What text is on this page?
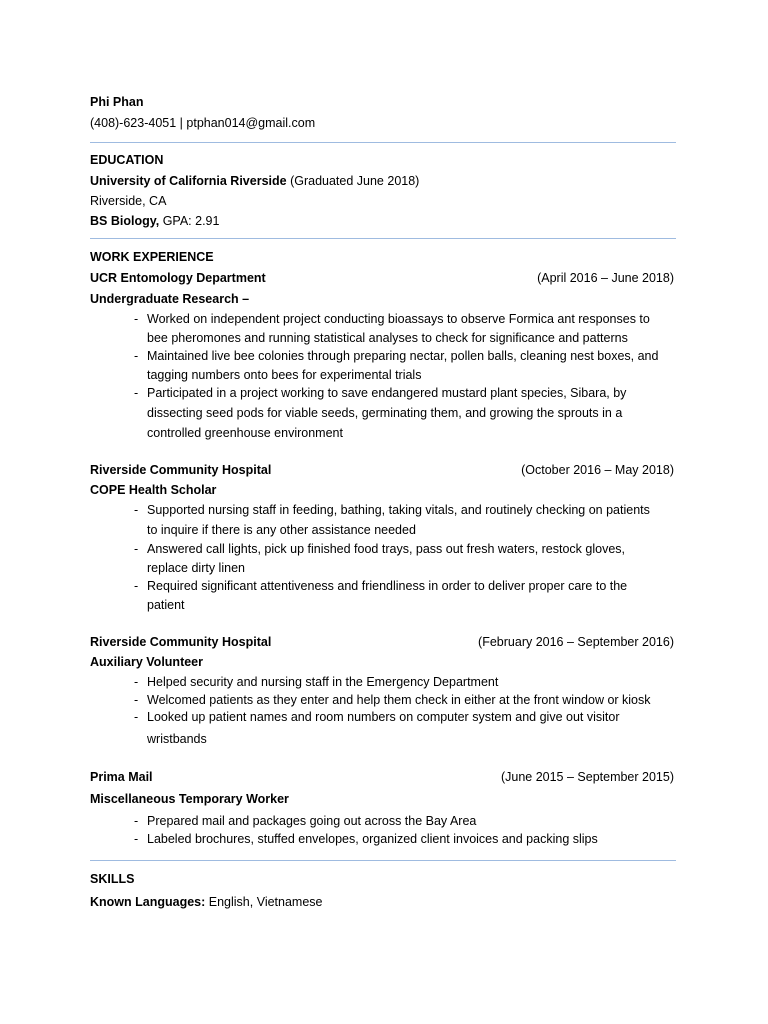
Phi Phan
(408)-623-4051 | ptphan014@gmail.com
EDUCATION
University of California Riverside (Graduated June 2018)
Riverside, CA
BS Biology, GPA: 2.91
WORK EXPERIENCE
UCR Entomology Department	(April 2016 – June 2018)
Undergraduate Research –
- Worked on independent project conducting bioassays to observe Formica ant responses to
bee pheromones and running statistical analyses to check for significance and patterns
- Maintained live bee colonies through preparing nectar, pollen balls, cleaning nest boxes, and
tagging numbers onto bees for experimental trials
- Participated in a project working to save endangered mustard plant species, Sibara, by
dissecting seed pods for viable seeds, germinating them, and growing the sprouts in a
controlled greenhouse environment
Riverside Community Hospital	(October 2016 – May 2018)
COPE Health Scholar
- Supported nursing staff in feeding, bathing, taking vitals, and routinely checking on patients
to inquire if there is any other assistance needed
- Answered call lights, pick up finished food trays, pass out fresh waters, restock gloves,
replace dirty linen
- Required significant attentiveness and friendliness in order to deliver proper care to the
patient
Riverside Community Hospital	(February 2016 – September 2016)
Auxiliary Volunteer
- Helped security and nursing staff in the Emergency Department
- Welcomed patients as they enter and help them check in either at the front window or kiosk
- Looked up patient names and room numbers on computer system and give out visitor
wristbands
Prima Mail	(June 2015 – September 2015)
Miscellaneous Temporary Worker
- Prepared mail and packages going out across the Bay Area
- Labeled brochures, stuffed envelopes, organized client invoices and packing slips
SKILLS
Known Languages: English, Vietnamese
